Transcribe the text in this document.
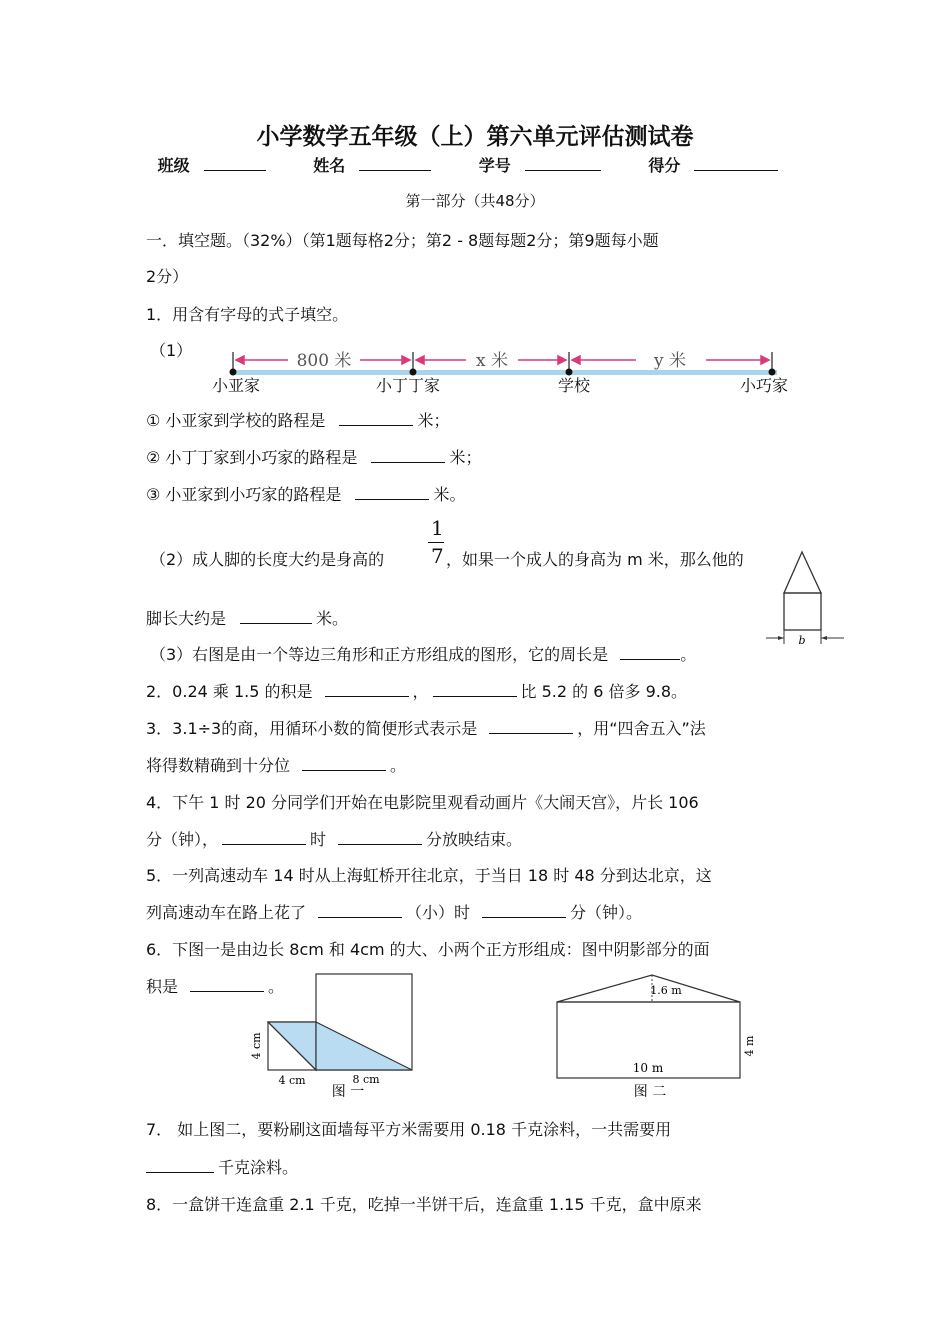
小学数学五年级（上）第六单元评估测试卷
班级	姓名	学号	得分
第一部分（共48分）
一．填空题。（32%）（第1题每格2分；第2 - 8题每题2分；第9题每小题
2分）
1．用含有字母的式子填空。
（1）
800 米	x 米	y 米
小亚家	小丁丁家	学校	小巧家
① 小亚家到学校的路程是	米；
② 小丁丁家到小巧家的路程是	米；
③ 小亚家到小巧家的路程是	米。
1
7
（2）成人脚的长度大约是身高的	，如果一个成人的身高为 m 米，那么他的
脚长大约是	米。
b
（3）右图是由一个等边三角形和正方形组成的图形，它的周长是	。
2．0.24 乘 1.5 的积是	，	比 5.2 的 6 倍多 9.8。
3．3.1÷3的商，用循环小数的简便形式表示是	，用“四舍五入”法
将得数精确到十分位	。
4．下午 1 时 20 分同学们开始在电影院里观看动画片《大闹天宫》，片长 106
分（钟），	时	分放映结束。
5．一列高速动车 14 时从上海虹桥开往北京，于当日 18 时 48 分到达北京，这
列高速动车在路上花了	（小）时	分（钟）。
6．下图一是由边长 8cm 和 4cm 的大、小两个正方形组成：图中阴影部分的面
积是	。
4 cm
4 cm	8 cm
图 一
1.6 m
10 m
4 m
图 二
7． 如上图二，要粉刷这面墙每平方米需要用 0.18 千克涂料，一共需要用
千克涂料。
8．一盒饼干连盒重 2.1 千克，吃掉一半饼干后，连盒重 1.15 千克，盒中原来
